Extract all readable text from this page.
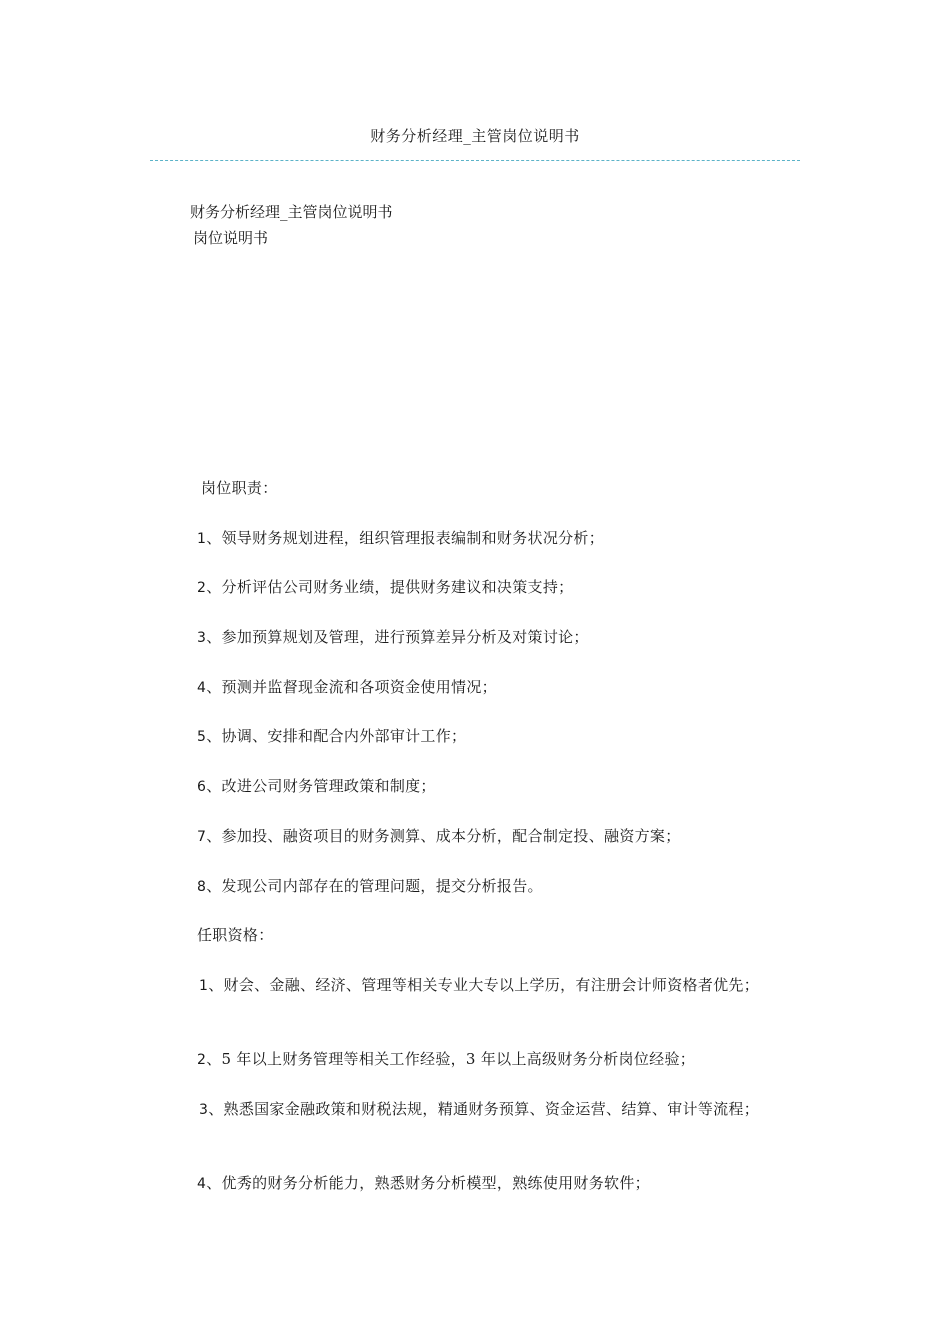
财务分析经理_主管岗位说明书
财务分析经理_主管岗位说明书
岗位说明书
岗位职责：
1、领导财务规划进程，组织管理报表编制和财务状况分析；
2、分析评估公司财务业绩，提供财务建议和决策支持；
3、参加预算规划及管理，进行预算差异分析及对策讨论；
4、预测并监督现金流和各项资金使用情况；
5、协调、安排和配合内外部审计工作；
6、改进公司财务管理政策和制度；
7、参加投、融资项目的财务测算、成本分析，配合制定投、融资方案；
8、发现公司内部存在的管理问题，提交分析报告。
任职资格：
1、财会、金融、经济、管理等相关专业大专以上学历，有注册会计师资格者优先；
2、5 年以上财务管理等相关工作经验，3 年以上高级财务分析岗位经验；
3、熟悉国家金融政策和财税法规，精通财务预算、资金运营、结算、审计等流程；
4、优秀的财务分析能力，熟悉财务分析模型，熟练使用财务软件；
